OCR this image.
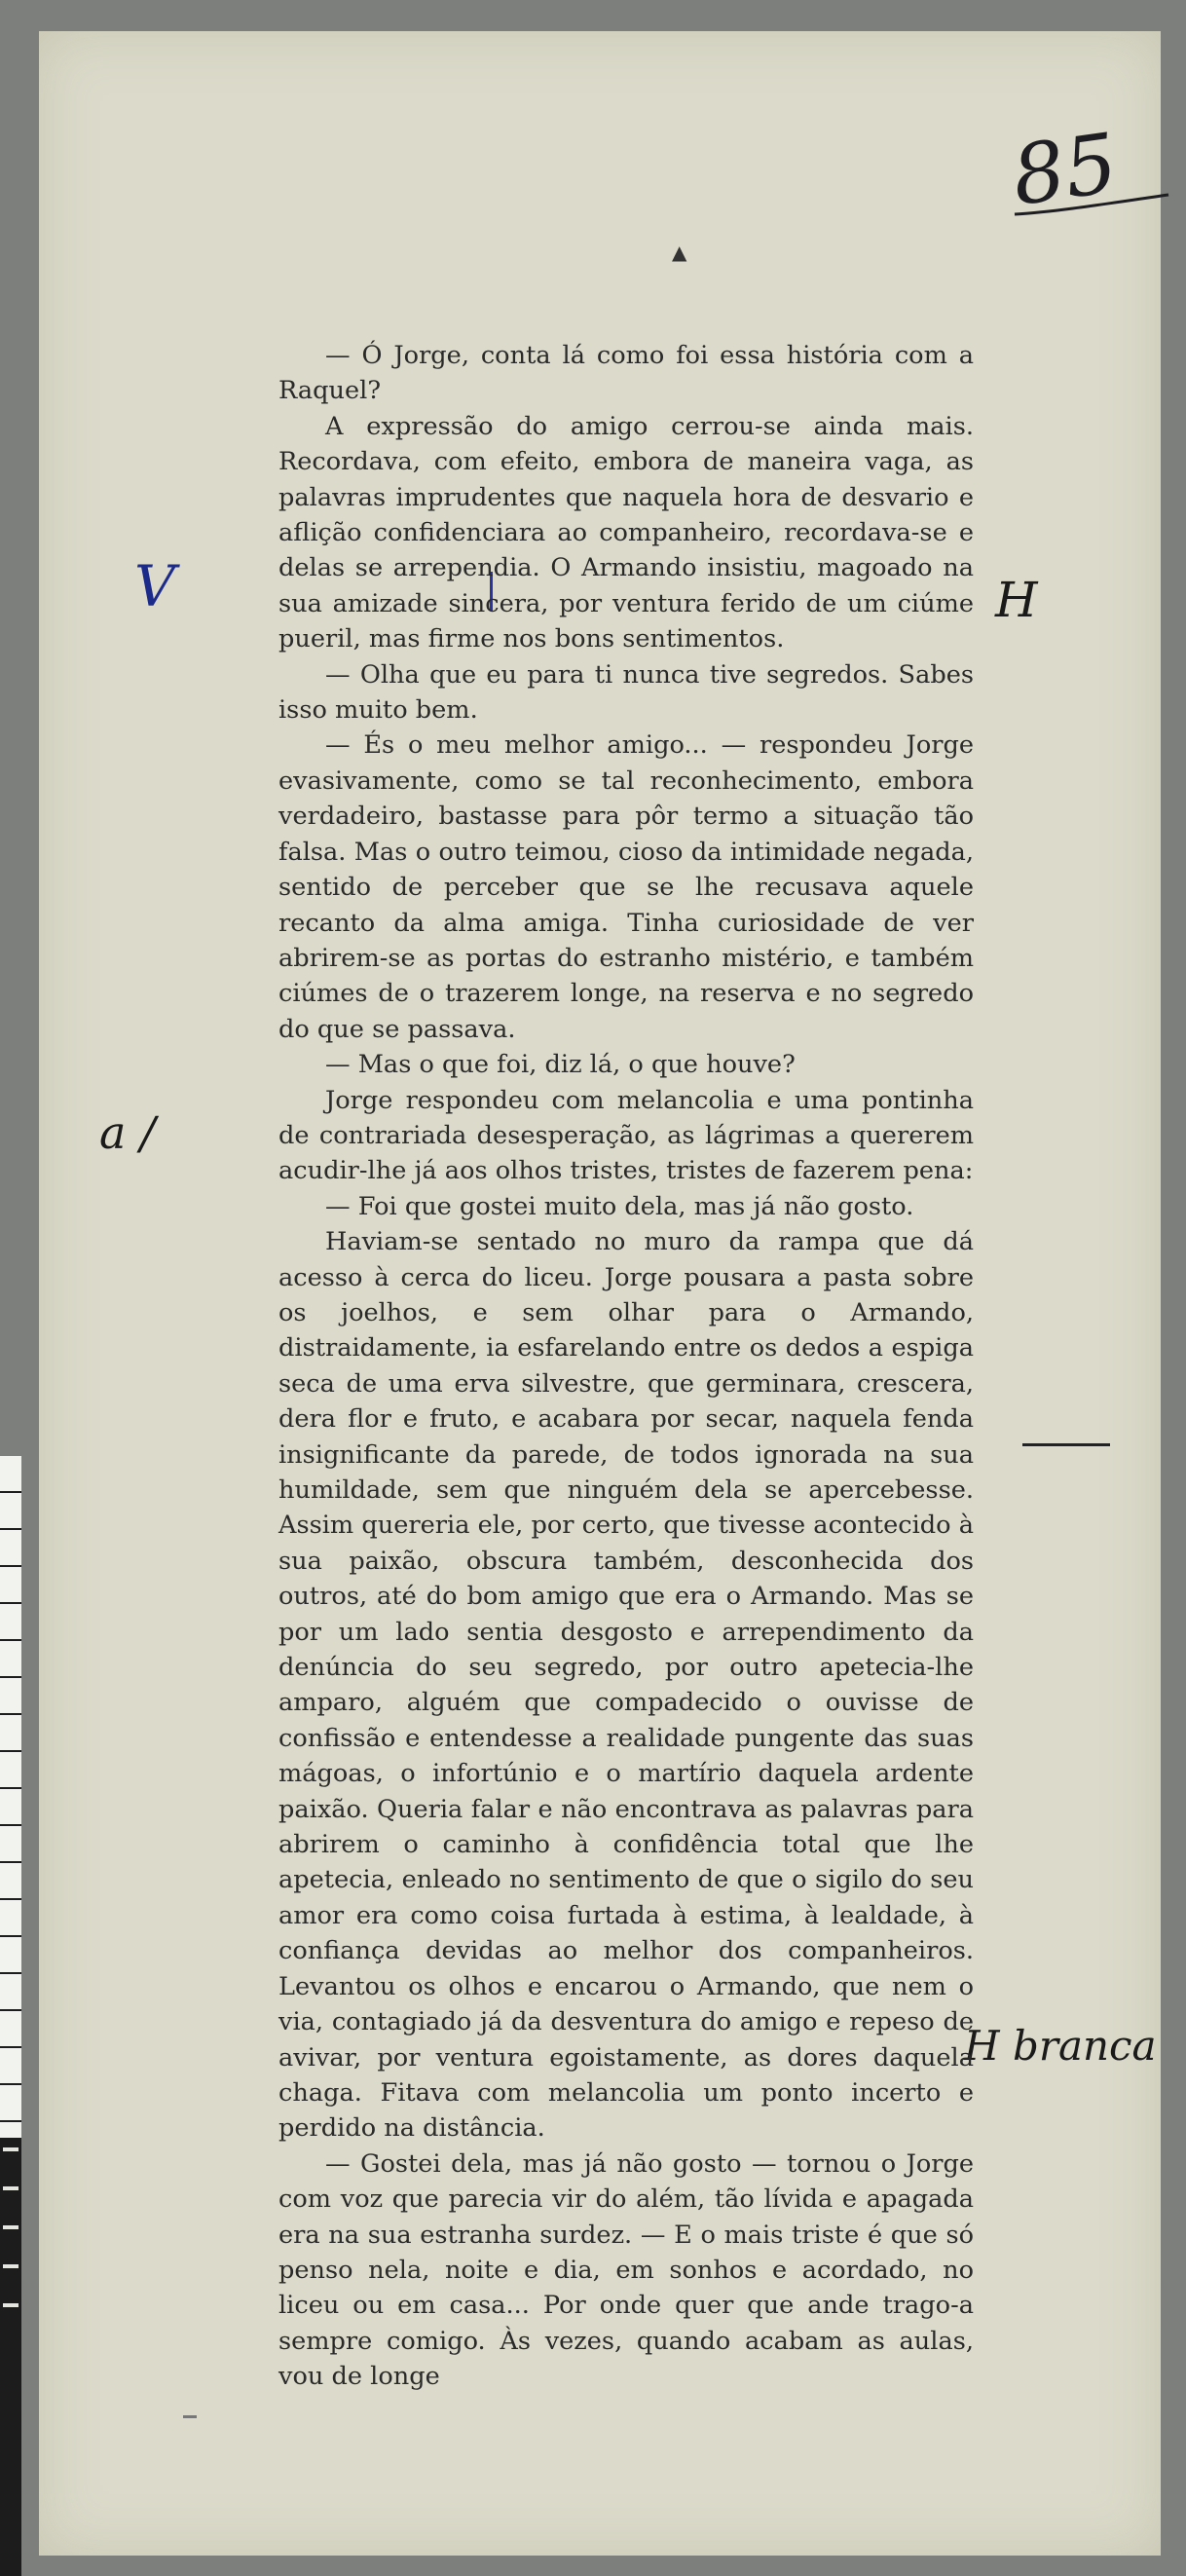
85
▲
V	H
a /
H branca

— Ó Jorge, conta lá como foi essa história com a Raquel?

A expressão do amigo cerrou-se ainda mais. Recordava, com efeito, embora de maneira vaga, as palavras imprudentes que naquela hora de desvario e aflição confidenciara ao companheiro, recordava-se e delas se arrependia. O Armando insistiu, magoado na sua amizade sincera, por ventura ferido de um ciúme pueril, mas firme nos bons sentimentos.

— Olha que eu para ti nunca tive segredos. Sabes isso muito bem.

— És o meu melhor amigo... — respondeu Jorge evasivamente, como se tal reconhecimento, embora verdadeiro, bastasse para pôr termo a situação tão falsa. Mas o outro teimou, cioso da intimidade negada, sentido de perceber que se lhe recusava aquele recanto da alma amiga. Tinha curiosidade de ver abrirem-se as portas do estranho mistério, e também ciúmes de o trazerem longe, na reserva e no segredo do que se passava.

— Mas o que foi, diz lá, o que houve?

Jorge respondeu com melancolia e uma pontinha de contrariada desesperação, as lágrimas a quererem acudir-lhe já aos olhos tristes, tristes de fazerem pena:

— Foi que gostei muito dela, mas já não gosto.

Haviam-se sentado no muro da rampa que dá acesso à cerca do liceu. Jorge pousara a pasta sobre os joelhos, e sem olhar para o Armando, distraidamente, ia esfarelando entre os dedos a espiga seca de uma erva silvestre, que germinara, crescera, dera flor e fruto, e acabara por secar, naquela fenda insignificante da parede, de todos ignorada na sua humildade, sem que ninguém dela se apercebesse. Assim quereria ele, por certo, que tivesse acontecido à sua paixão, obscura também, desconhecida dos outros, até do bom amigo que era o Armando. Mas se por um lado sentia desgosto e arrependimento da denúncia do seu segredo, por outro apetecia-lhe amparo, alguém que compadecido o ouvisse de confissão e entendesse a realidade pungente das suas mágoas, o infortúnio e o martírio daquela ardente paixão. Queria falar e não encontrava as palavras para abrirem o caminho à confidência total que lhe apetecia, enleado no sentimento de que o sigilo do seu amor era como coisa furtada à estima, à lealdade, à confiança devidas ao melhor dos companheiros. Levantou os olhos e encarou o Armando, que nem o via, contagiado já da desventura do amigo e repeso de avivar, por ventura egoistamente, as dores daquela chaga. Fitava com melancolia um ponto incerto e perdido na distância.

— Gostei dela, mas já não gosto — tornou o Jorge com voz que parecia vir do além, tão lívida e apagada era na sua estranha surdez. — E o mais triste é que só penso nela, noite e dia, em sonhos e acordado, no liceu ou em casa... Por onde quer que ande trago-a sempre comigo. Às vezes, quando acabam as aulas, vou de longe
